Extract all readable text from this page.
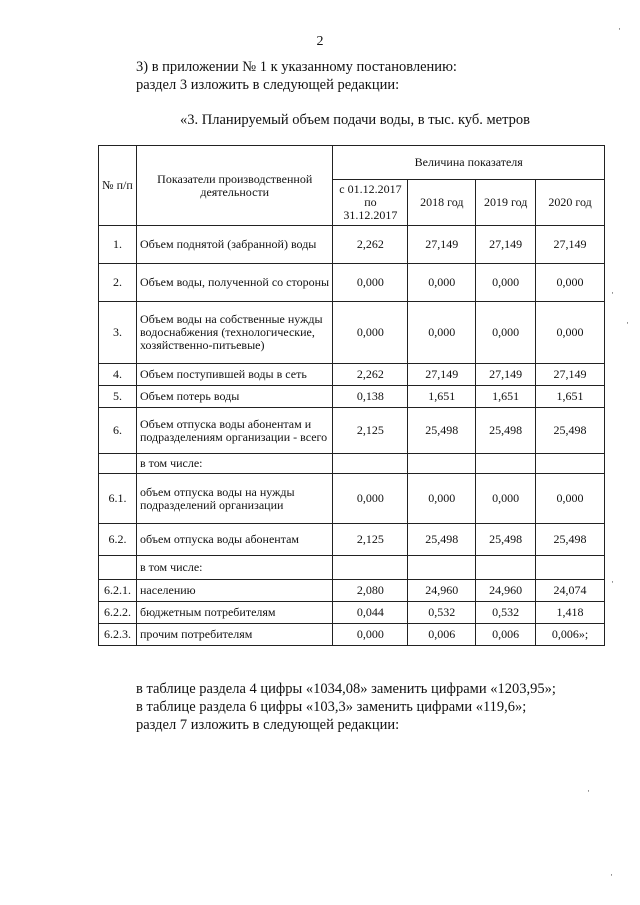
2
3) в приложении № 1 к указанному постановлению:
раздел 3 изложить в следующей редакции:
«3. Планируемый объем подачи воды, в тыс. куб. метров
№ п/п	Показатели производственной деятельности	Величина показателя			
		с 01.12.2017 по 31.12.2017	2018 год	2019 год	2020 год
1.	Объем поднятой (забранной) воды	2,262	27,149	27,149	27,149
2.	Объем воды, полученной со стороны	0,000	0,000	0,000	0,000
3.	Объем воды на собственные нужды водоснабжения (технологические, хозяйственно-питьевые)	0,000	0,000	0,000	0,000
4.	Объем поступившей воды в сеть	2,262	27,149	27,149	27,149
5.	Объем потерь воды	0,138	1,651	1,651	1,651
6.	Объем отпуска воды абонентам и подразделениям организации - всего	2,125	25,498	25,498	25,498
	в том числе:				
6.1.	объем отпуска воды на нужды подразделений организации	0,000	0,000	0,000	0,000
6.2.	объем отпуска воды абонентам	2,125	25,498	25,498	25,498
	в том числе:				
6.2.1.	населению	2,080	24,960	24,960	24,074
6.2.2.	бюджетным потребителям	0,044	0,532	0,532	1,418
6.2.3.	прочим потребителям	0,000	0,006	0,006	0,006»;
в таблице раздела 4 цифры «1034,08» заменить цифрами «1203,95»;
в таблице раздела 6 цифры «103,3» заменить цифрами «119,6»;
раздел 7 изложить в следующей редакции:
·
·
·
·
·
·
